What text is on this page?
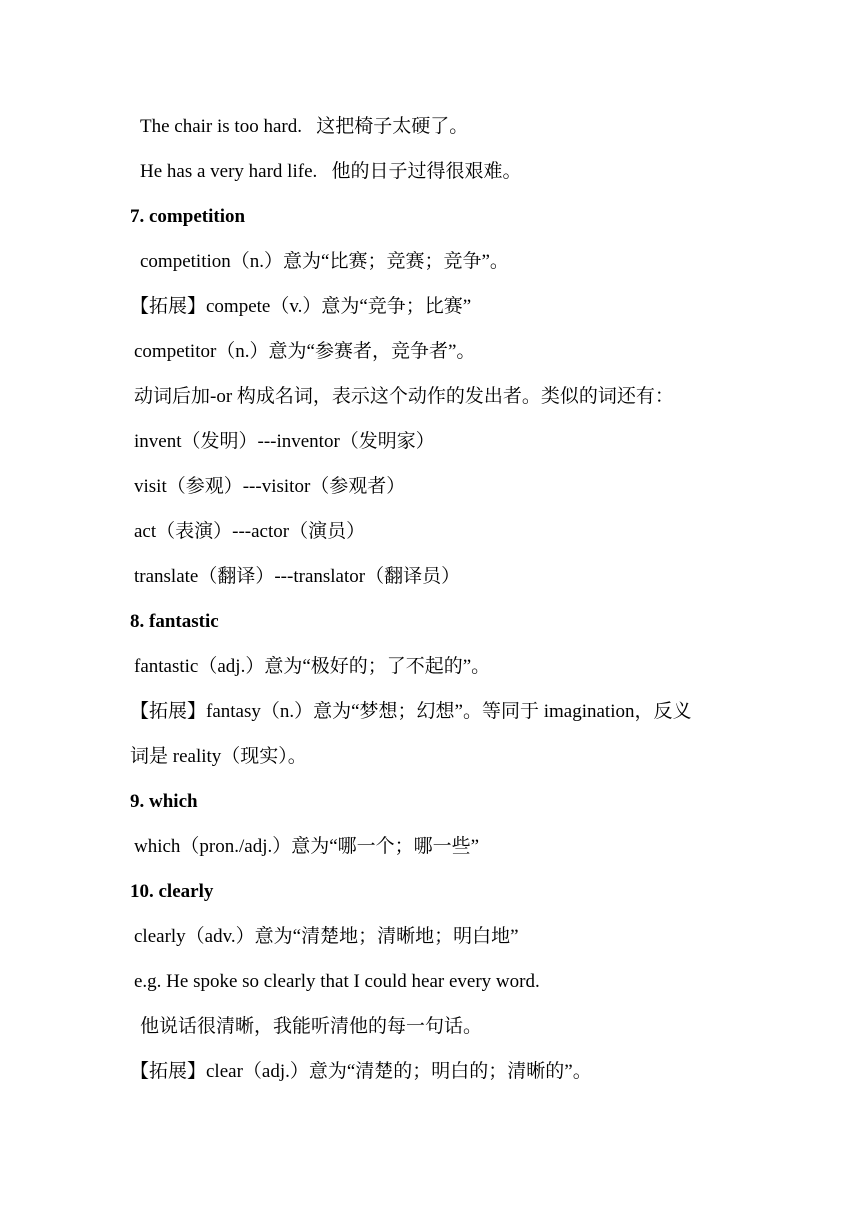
The chair is too hard.   这把椅子太硬了。
He has a very hard life.   他的日子过得很艰难。
7. competition
competition（n.）意为“比赛；竞赛；竞争”。
【拓展】compete（v.）意为“竞争；比赛”
competitor（n.）意为“参赛者，竞争者”。
动词后加-or 构成名词，表示这个动作的发出者。类似的词还有：
invent（发明）---inventor（发明家）
visit（参观）---visitor（参观者）
act（表演）---actor（演员）
translate（翻译）---translator（翻译员）
8. fantastic
fantastic（adj.）意为“极好的；了不起的”。
【拓展】fantasy（n.）意为“梦想；幻想”。等同于 imagination，反义
词是 reality（现实）。
9. which
which（pron./adj.）意为“哪一个；哪一些”
10. clearly
clearly（adv.）意为“清楚地；清晰地；明白地”
e.g. He spoke so clearly that I could hear every word.
他说话很清晰，我能听清他的每一句话。
【拓展】clear（adj.）意为“清楚的；明白的；清晰的”。
